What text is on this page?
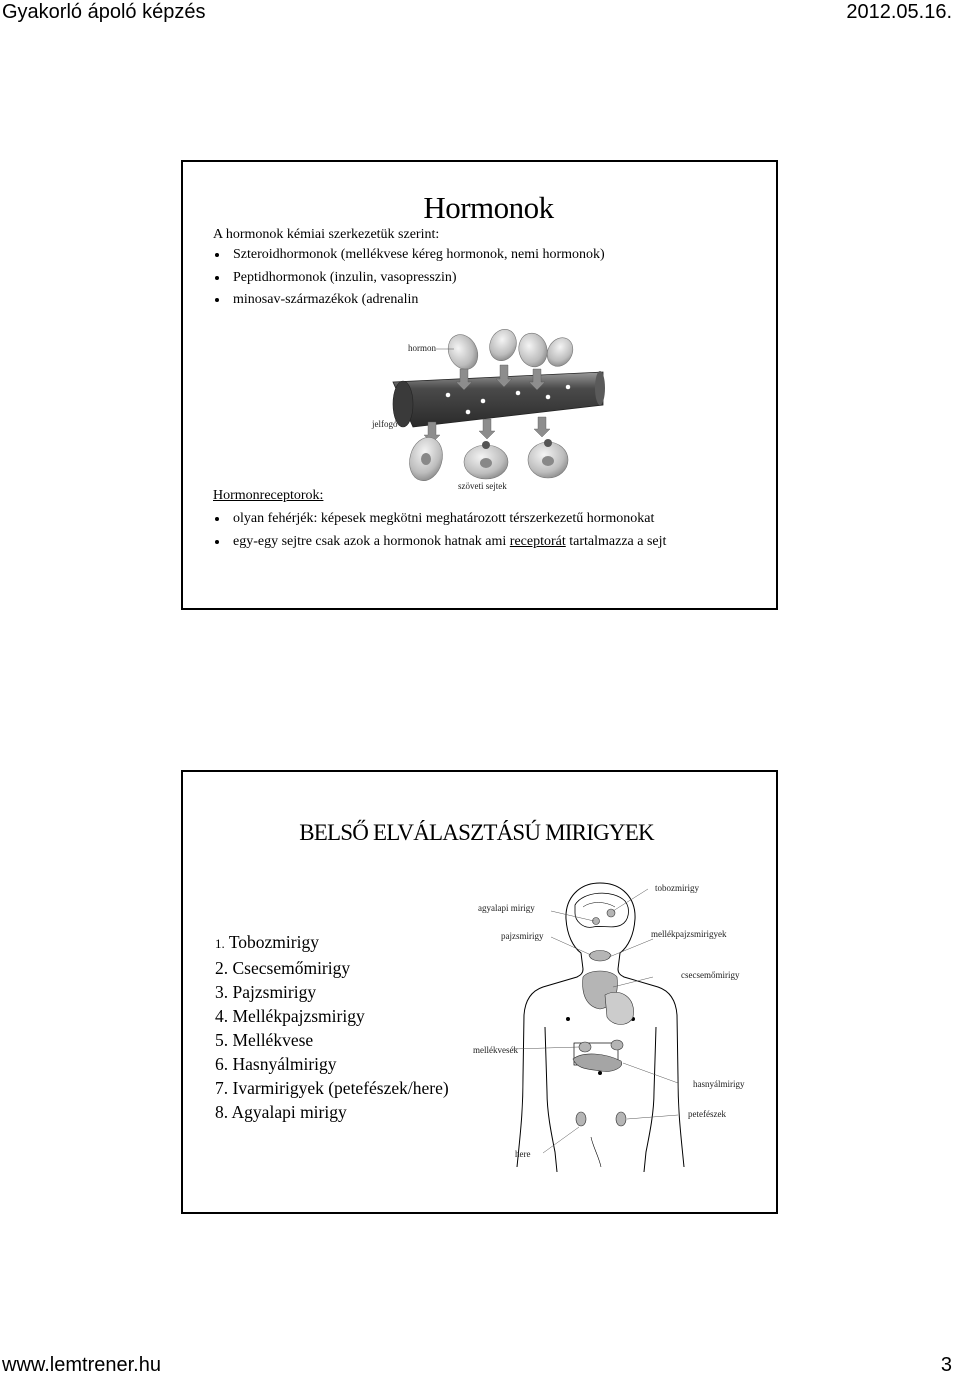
Gyakorló ápoló képzés	2012.05.16.
Hormonok
A hormonok kémiai szerkezetük szerint:
Szteroidhormonok (mellékvese kéreg hormonok, nemi hormonok)
Peptidhormonok (inzulin, vasopresszin)
minosav-származékok (adrenalin
hormon
jelfogó
szöveti sejtek
Hormonreceptorok:
olyan fehérjék: képesek megkötni meghatározott térszerkezetű hormonokat
egy-egy sejtre csak azok a hormonok hatnak ami receptorát tartalmazza a sejt
BELSŐ ELVÁLASZTÁSÚ MIRIGYEK
1. Tobozmirigy
2. Csecsemőmirigy
3. Pajzsmirigy
4. Mellékpajzsmirigy
5. Mellékvese
6. Hasnyálmirigy
7. Ivarmirigyek (petefészek/here)
8. Agyalapi mirigy
tobozmirigy
agyalapi mirigy
pajzsmirigy	mellékpajzsmirigyek
csecsemőmirigy
mellékvesék
hasnyálmirigy
petefészek
here
www.lemtrener.hu	3
